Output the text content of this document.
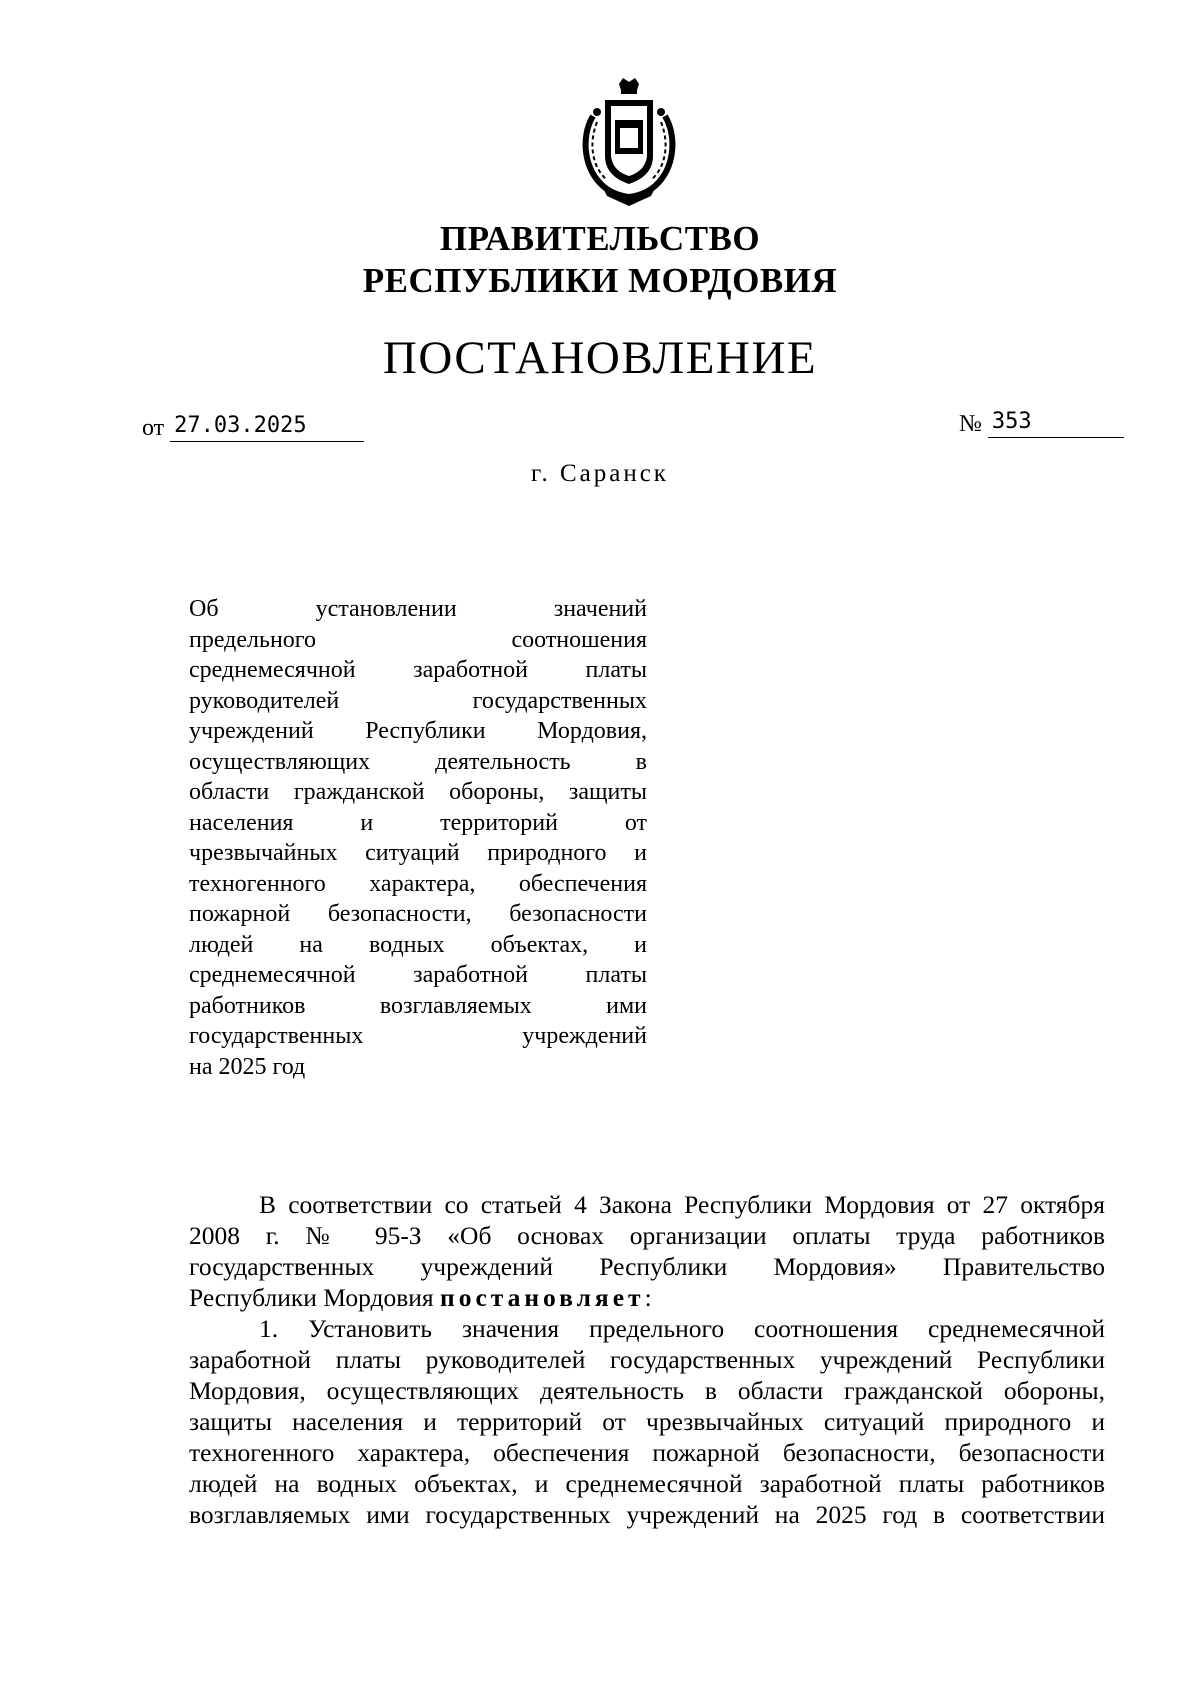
ПРАВИТЕЛЬСТВО
РЕСПУБЛИКИ МОРДОВИЯ
ПОСТАНОВЛЕНИЕ
от 27.03.2025	№ 353
г. Саранск
Об установлении значений
предельного соотношения
среднемесячной заработной платы
руководителей государственных
учреждений Республики Мордовия,
осуществляющих деятельность в
области гражданской обороны, защиты
населения и территорий от
чрезвычайных ситуаций природного и
техногенного характера, обеспечения
пожарной безопасности, безопасности
людей на водных объектах, и
среднемесячной заработной платы
работников возглавляемых ими
государственных учреждений
на 2025 год
В соответствии со статьей 4 Закона Республики Мордовия от 27 октября
2008 г. № 95-З «Об основах организации оплаты труда работников
государственных учреждений Республики Мордовия» Правительство
Республики Мордовия постановляет:
1. Установить значения предельного соотношения среднемесячной
заработной платы руководителей государственных учреждений Республики
Мордовия, осуществляющих деятельность в области гражданской обороны,
защиты населения и территорий от чрезвычайных ситуаций природного и
техногенного характера, обеспечения пожарной безопасности, безопасности
людей на водных объектах, и среднемесячной заработной платы работников
возглавляемых ими государственных учреждений на 2025 год в соответствии
